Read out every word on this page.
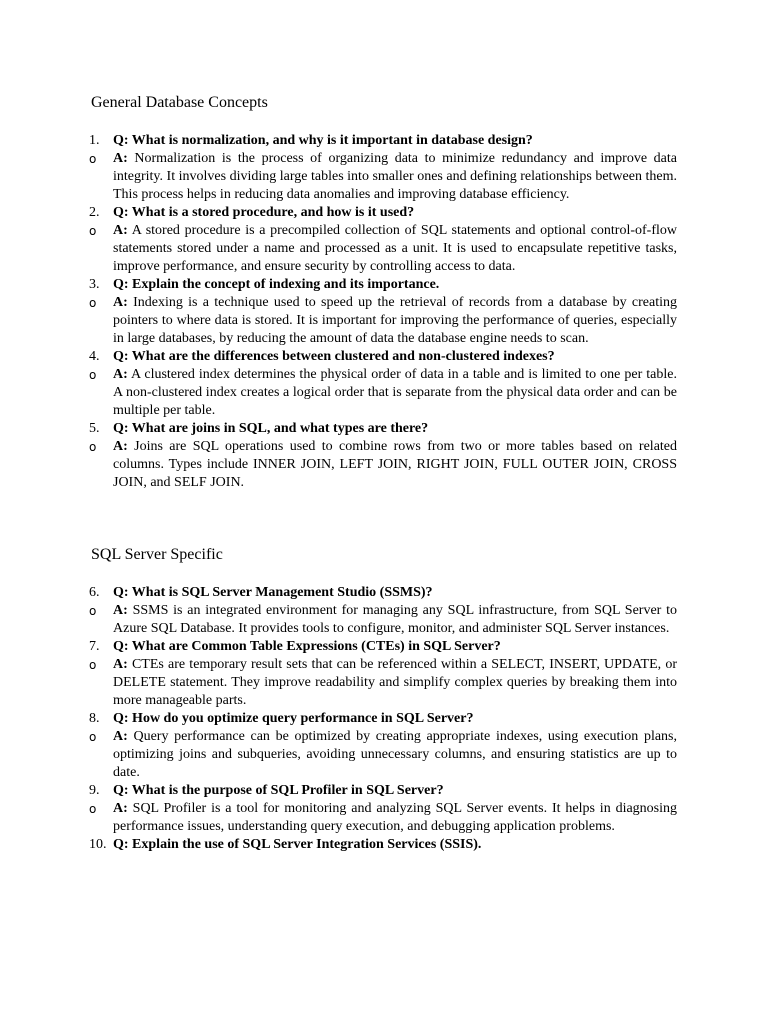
General Database Concepts
1. Q: What is normalization, and why is it important in database design?
o A: Normalization is the process of organizing data to minimize redundancy and improve data integrity. It involves dividing large tables into smaller ones and defining relationships between them. This process helps in reducing data anomalies and improving database efficiency.
2. Q: What is a stored procedure, and how is it used?
o A: A stored procedure is a precompiled collection of SQL statements and optional control-of-flow statements stored under a name and processed as a unit. It is used to encapsulate repetitive tasks, improve performance, and ensure security by controlling access to data.
3. Q: Explain the concept of indexing and its importance.
o A: Indexing is a technique used to speed up the retrieval of records from a database by creating pointers to where data is stored. It is important for improving the performance of queries, especially in large databases, by reducing the amount of data the database engine needs to scan.
4. Q: What are the differences between clustered and non-clustered indexes?
o A: A clustered index determines the physical order of data in a table and is limited to one per table. A non-clustered index creates a logical order that is separate from the physical data order and can be multiple per table.
5. Q: What are joins in SQL, and what types are there?
o A: Joins are SQL operations used to combine rows from two or more tables based on related columns. Types include INNER JOIN, LEFT JOIN, RIGHT JOIN, FULL OUTER JOIN, CROSS JOIN, and SELF JOIN.
SQL Server Specific
6. Q: What is SQL Server Management Studio (SSMS)?
o A: SSMS is an integrated environment for managing any SQL infrastructure, from SQL Server to Azure SQL Database. It provides tools to configure, monitor, and administer SQL Server instances.
7. Q: What are Common Table Expressions (CTEs) in SQL Server?
o A: CTEs are temporary result sets that can be referenced within a SELECT, INSERT, UPDATE, or DELETE statement. They improve readability and simplify complex queries by breaking them into more manageable parts.
8. Q: How do you optimize query performance in SQL Server?
o A: Query performance can be optimized by creating appropriate indexes, using execution plans, optimizing joins and subqueries, avoiding unnecessary columns, and ensuring statistics are up to date.
9. Q: What is the purpose of SQL Profiler in SQL Server?
o A: SQL Profiler is a tool for monitoring and analyzing SQL Server events. It helps in diagnosing performance issues, understanding query execution, and debugging application problems.
10. Q: Explain the use of SQL Server Integration Services (SSIS).
